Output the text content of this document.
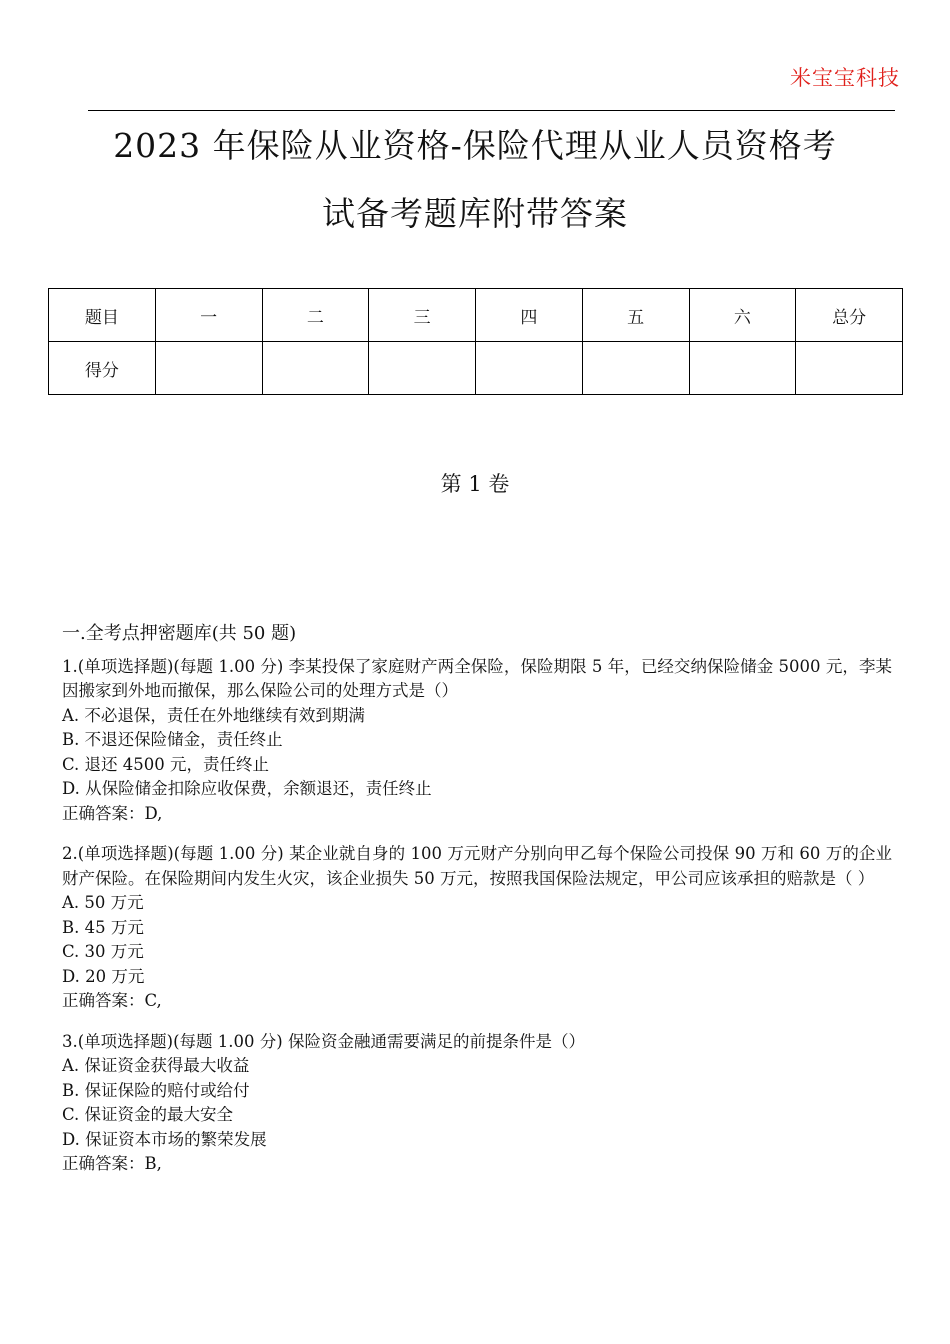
米宝宝科技
2023 年保险从业资格-保险代理从业人员资格考
试备考题库附带答案
题目	一	二	三	四	五	六	总分
得分							
第 1 卷
一.全考点押密题库(共 50 题)
1.(单项选择题)(每题 1.00 分) 李某投保了家庭财产两全保险，保险期限 5 年，已经交纳保险储金 5000 元，李某因搬家到外地而撤保，那么保险公司的处理方式是（）
A. 不必退保，责任在外地继续有效到期满
B. 不退还保险储金，责任终止
C. 退还 4500 元，责任终止
D. 从保险储金扣除应收保费，余额退还，责任终止
正确答案：D,
2.(单项选择题)(每题 1.00 分) 某企业就自身的 100 万元财产分别向甲乙每个保险公司投保 90 万和 60 万的企业财产保险。在保险期间内发生火灾，该企业损失 50 万元，按照我国保险法规定，甲公司应该承担的赔款是（ ）
A. 50 万元
B. 45 万元
C. 30 万元
D. 20 万元
正确答案：C,
3.(单项选择题)(每题 1.00 分) 保险资金融通需要满足的前提条件是（）
A. 保证资金获得最大收益
B. 保证保险的赔付或给付
C. 保证资金的最大安全
D. 保证资本市场的繁荣发展
正确答案：B,
